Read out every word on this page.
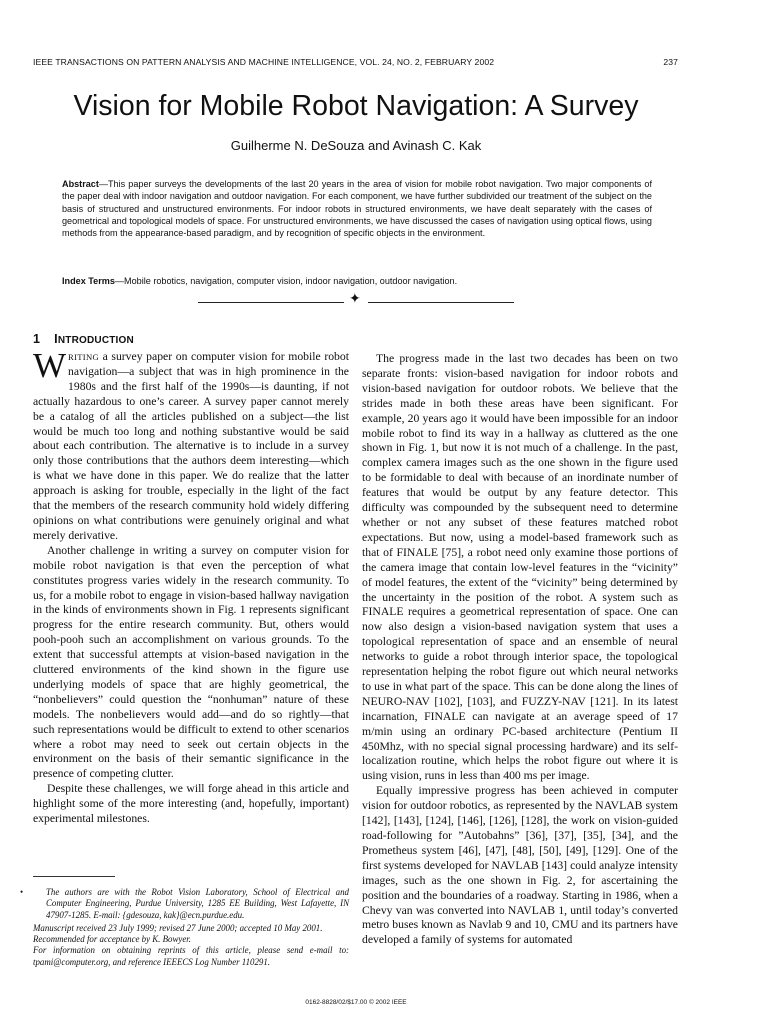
IEEE TRANSACTIONS ON PATTERN ANALYSIS AND MACHINE INTELLIGENCE, VOL. 24, NO. 2, FEBRUARY 2002	237
Vision for Mobile Robot Navigation: A Survey
Guilherme N. DeSouza and Avinash C. Kak
Abstract—This paper surveys the developments of the last 20 years in the area of vision for mobile robot navigation. Two major components of the paper deal with indoor navigation and outdoor navigation. For each component, we have further subdivided our treatment of the subject on the basis of structured and unstructured environments. For indoor robots in structured environments, we have dealt separately with the cases of geometrical and topological models of space. For unstructured environments, we have discussed the cases of navigation using optical flows, using methods from the appearance-based paradigm, and by recognition of specific objects in the environment.
Index Terms—Mobile robotics, navigation, computer vision, indoor navigation, outdoor navigation.
✦
1 INTRODUCTION

WRITING a survey paper on computer vision for mobile robot navigation—a subject that was in high prominence in the 1980s and the first half of the 1990s—is daunting, if not actually hazardous to one’s career. A survey paper cannot merely be a catalog of all the articles published on a subject—the list would be much too long and nothing substantive would be said about each contribution. The alternative is to include in a survey only those contributions that the authors deem interesting—which is what we have done in this paper. We do realize that the latter approach is asking for trouble, especially in the light of the fact that the members of the research community hold widely differing opinions on what contributions were genuinely original and what merely derivative.

Another challenge in writing a survey on computer vision for mobile robot navigation is that even the perception of what constitutes progress varies widely in the research community. To us, for a mobile robot to engage in vision-based hallway navigation in the kinds of environments shown in Fig. 1 represents significant progress for the entire research community. But, others would pooh-pooh such an accomplishment on various grounds. To the extent that successful attempts at vision-based navigation in the cluttered environments of the kind shown in the figure use underlying models of space that are highly geometrical, the “nonbelievers” could question the “nonhuman” nature of these models. The nonbelievers would add—and do so rightly—that such representations would be difficult to extend to other scenarios where a robot may need to seek out certain objects in the environment on the basis of their semantic significance in the presence of competing clutter.

Despite these challenges, we will forge ahead in this article and highlight some of the more interesting (and, hopefully, important) experimental milestones.

The progress made in the last two decades has been on two separate fronts: vision-based navigation for indoor robots and vision-based navigation for outdoor robots. We believe that the strides made in both these areas have been significant. For example, 20 years ago it would have been impossible for an indoor mobile robot to find its way in a hallway as cluttered as the one shown in Fig. 1, but now it is not much of a challenge. In the past, complex camera images such as the one shown in the figure used to be formidable to deal with because of an inordinate number of features that would be output by any feature detector. This difficulty was compounded by the subsequent need to determine whether or not any subset of these features matched robot expectations. But now, using a model-based framework such as that of FINALE [75], a robot need only examine those portions of the camera image that contain low-level features in the “vicinity” of model features, the extent of the “vicinity” being determined by the uncertainty in the position of the robot. A system such as FINALE requires a geometrical representation of space. One can now also design a vision-based navigation system that uses a topological representation of space and an ensemble of neural networks to guide a robot through interior space, the topological representation helping the robot figure out which neural networks to use in what part of the space. This can be done along the lines of NEURO-NAV [102], [103], and FUZZY-NAV [121]. In its latest incarnation, FINALE can navigate at an average speed of 17 m/min using an ordinary PC-based architecture (Pentium II 450Mhz, with no special signal processing hardware) and its self-localization routine, which helps the robot figure out where it is using vision, runs in less than 400 ms per image.

Equally impressive progress has been achieved in computer vision for outdoor robotics, as represented by the NAVLAB system [142], [143], [124], [146], [126], [128], the work on vision-guided road-following for ”Autobahns” [36], [37], [35], [34], and the Prometheus system [46], [47], [48], [50], [49], [129]. One of the first systems developed for NAVLAB [143] could analyze intensity images, such as the one shown in Fig. 2, for ascertaining the position and the boundaries of a roadway. Starting in 1986, when a Chevy van was converted into NAVLAB 1, until today’s converted metro buses known as Navlab 9 and 10, CMU and its partners have developed a family of systems for automated

•	The authors are with the Robot Vision Laboratory, School of Electrical and Computer Engineering, Purdue University, 1285 EE Building, West Lafayette, IN 47907-1285. E-mail: {gdesouza, kak}@ecn.purdue.edu.

Manuscript received 23 July 1999; revised 27 June 2000; accepted 10 May 2001.

Recommended for acceptance by K. Bowyer.

For information on obtaining reprints of this article, please send e-mail to: tpami@computer.org, and reference IEEECS Log Number 110291.

0162-8828/02/$17.00 © 2002 IEEE
